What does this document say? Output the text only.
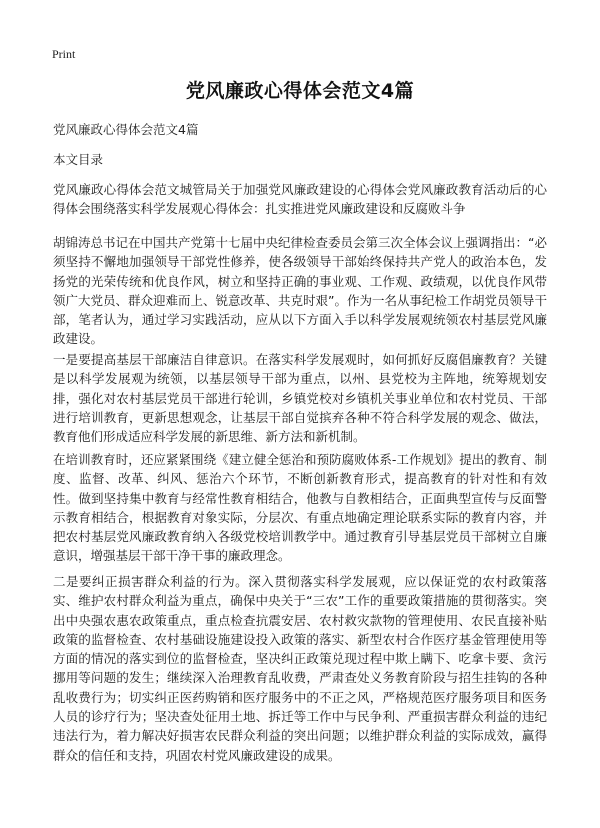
Print
党风廉政心得体会范文4篇
党风廉政心得体会范文4篇
本文目录

党风廉政心得体会范文城管局关于加强党风廉政建设的心得体会党风廉政教育活动后的心得体会围绕落实科学发展观心得体会：扎实推进党风廉政建设和反腐败斗争

胡锦涛总书记在中国共产党第十七届中央纪律检查委员会第三次全体会议上强调指出：“必须坚持不懈地加强领导干部党性修养，使各级领导干部始终保持共产党人的政治本色，发扬党的光荣传统和优良作风，树立和坚持正确的事业观、工作观、政绩观，以优良作风带领广大党员、群众迎难而上、锐意改革、共克时艰”。作为一名从事纪检工作胡党员领导干部，笔者认为，通过学习实践活动，应从以下方面入手以科学发展观统领农村基层党风廉政建设。

一是要提高基层干部廉洁自律意识。在落实科学发展观时，如何抓好反腐倡廉教育？关键是以科学发展观为统领，以基层领导干部为重点，以州、县党校为主阵地，统筹规划安排，强化对农村基层党员干部进行轮训，乡镇党校对乡镇机关事业单位和农村党员、干部进行培训教育，更新思想观念，让基层干部自觉摈弃各种不符合科学发展的观念、做法，教育他们形成适应科学发展的新思维、新方法和新机制。

在培训教育时，还应紧紧围绕《建立健全惩治和预防腐败体系-工作规划》提出的教育、制度、监督、改革、纠风、惩治六个环节，不断创新教育形式，提高教育的针对性和有效性。做到坚持集中教育与经常性教育相结合，他教与自教相结合，正面典型宣传与反面警示教育相结合，根据教育对象实际，分层次、有重点地确定理论联系实际的教育内容，并把农村基层党风廉政教育纳入各级党校培训教学中。通过教育引导基层党员干部树立自廉意识，增强基层干部干净干事的廉政理念。

二是要纠正损害群众利益的行为。深入贯彻落实科学发展观，应以保证党的农村政策落实、维护农村群众利益为重点，确保中央关于“三农”工作的重要政策措施的贯彻落实。突出中央强农惠农政策重点，重点检查抗震安居、农村救灾款物的管理使用、农民直接补贴政策的监督检查、农村基础设施建设投入政策的落实、新型农村合作医疗基金管理使用等方面的情况的落实到位的监督检查，坚决纠正政策兑现过程中欺上瞒下、吃拿卡要、贪污挪用等问题的发生；继续深入治理教育乱收费，严肃查处义务教育阶段与招生挂钩的各种乱收费行为；切实纠正医药购销和医疗服务中的不正之风，严格规范医疗服务项目和医务人员的诊疗行为；坚决查处征用土地、拆迁等工作中与民争利、严重损害群众利益的违纪违法行为，着力解决好损害农民群众利益的突出问题；以维护群众利益的实际成效，赢得群众的信任和支持，巩固农村党风廉政建设的成果。
